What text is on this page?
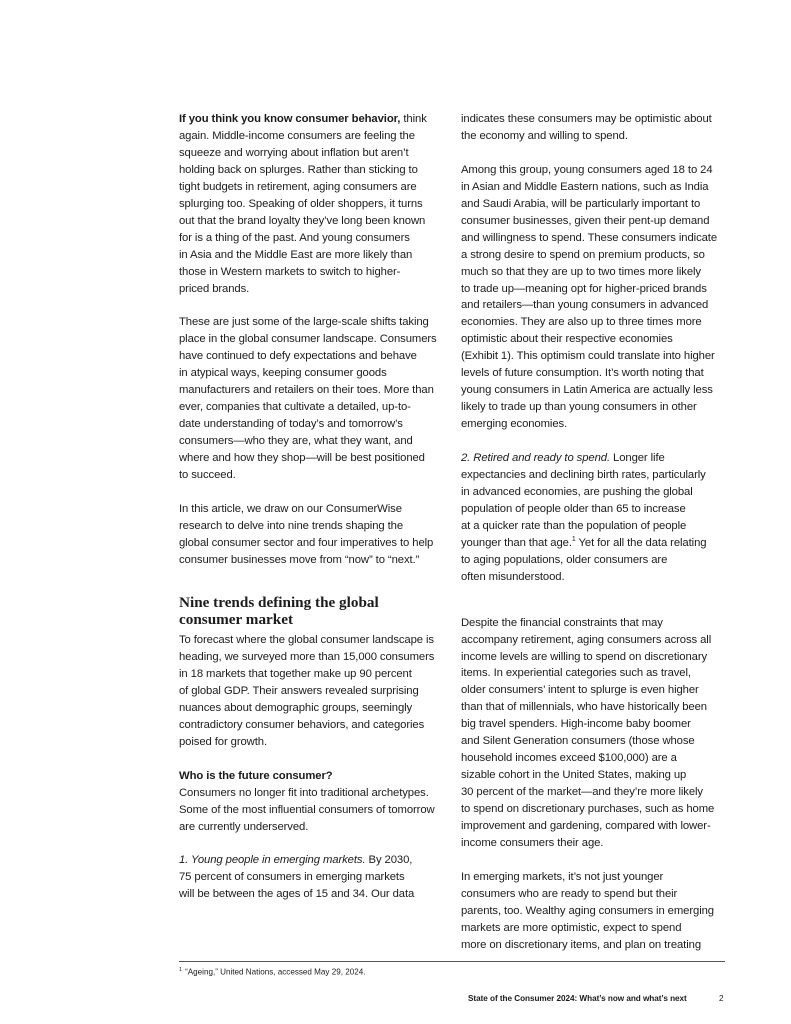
If you think you know consumer behavior, think
again. Middle-income consumers are feeling the
squeeze and worrying about inflation but aren’t
holding back on splurges. Rather than sticking to
tight budgets in retirement, aging consumers are
splurging too. Speaking of older shoppers, it turns
out that the brand loyalty they’ve long been known
for is a thing of the past. And young consumers
in Asia and the Middle East are more likely than
those in Western markets to switch to higher-
priced brands.

These are just some of the large-scale shifts taking
place in the global consumer landscape. Consumers
have continued to defy expectations and behave
in atypical ways, keeping consumer goods
manufacturers and retailers on their toes. More than
ever, companies that cultivate a detailed, up-to-
date understanding of today’s and tomorrow’s
consumers—who they are, what they want, and
where and how they shop—will be best positioned
to succeed.

In this article, we draw on our ConsumerWise
research to delve into nine trends shaping the
global consumer sector and four imperatives to help
consumer businesses move from “now” to “next.”

Nine trends defining the global
consumer market

To forecast where the global consumer landscape is
heading, we surveyed more than 15,000 consumers
in 18 markets that together make up 90 percent
of global GDP. Their answers revealed surprising
nuances about demographic groups, seemingly
contradictory consumer behaviors, and categories
poised for growth.

Who is the future consumer?

Consumers no longer fit into traditional archetypes.
Some of the most influential consumers of tomorrow
are currently underserved.

1. Young people in emerging markets. By 2030,
75 percent of consumers in emerging markets
will be between the ages of 15 and 34. Our data

indicates these consumers may be optimistic about
the economy and willing to spend.

Among this group, young consumers aged 18 to 24
in Asian and Middle Eastern nations, such as India
and Saudi Arabia, will be particularly important to
consumer businesses, given their pent-up demand
and willingness to spend. These consumers indicate
a strong desire to spend on premium products, so
much so that they are up to two times more likely
to trade up—meaning opt for higher-priced brands
and retailers—than young consumers in advanced
economies. They are also up to three times more
optimistic about their respective economies
(Exhibit 1). This optimism could translate into higher
levels of future consumption. It’s worth noting that
young consumers in Latin America are actually less
likely to trade up than young consumers in other
emerging economies.

2. Retired and ready to spend. Longer life
expectancies and declining birth rates, particularly
in advanced economies, are pushing the global
population of people older than 65 to increase
at a quicker rate than the population of people
younger than that age.$^1$ Yet for all the data relating
to aging populations, older consumers are
often misunderstood.

Despite the financial constraints that may
accompany retirement, aging consumers across all
income levels are willing to spend on discretionary
items. In experiential categories such as travel,
older consumers’ intent to splurge is even higher
than that of millennials, who have historically been
big travel spenders. High-income baby boomer
and Silent Generation consumers (those whose
household incomes exceed $100,000) are a
sizable cohort in the United States, making up
30 percent of the market—and they’re more likely
to spend on discretionary purchases, such as home
improvement and gardening, compared with lower-
income consumers their age.

In emerging markets, it’s not just younger
consumers who are ready to spend but their
parents, too. Wealthy aging consumers in emerging
markets are more optimistic, expect to spend
more on discretionary items, and plan on treating

$^1$ “Ageing,” United Nations, accessed May 29, 2024.
State of the Consumer 2024: What’s now and what’s next	2
